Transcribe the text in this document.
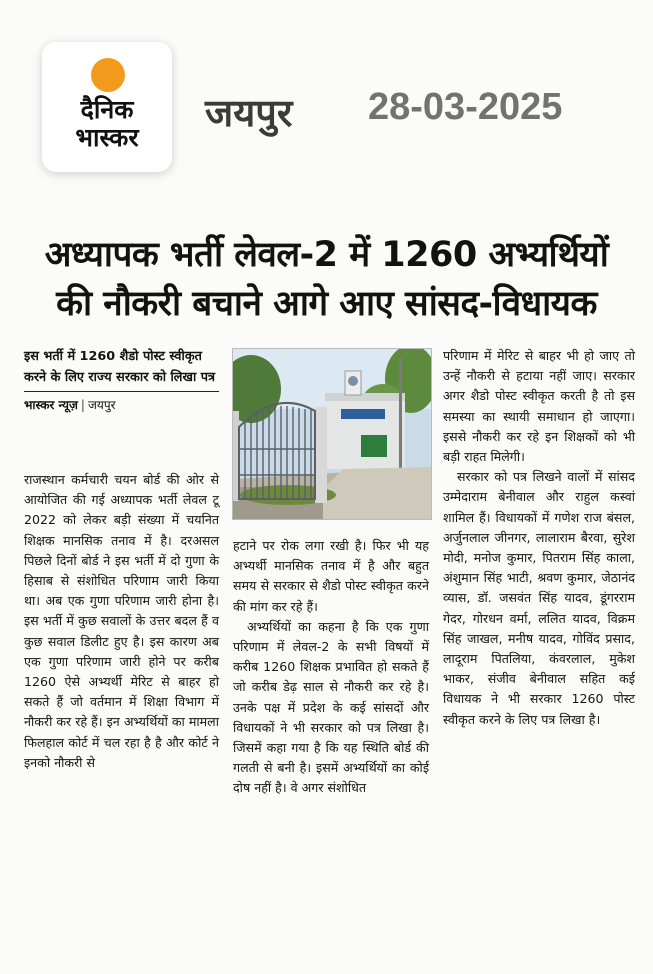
दैनिक
भास्कर
जयपुर 28-03-2025
अध्यापक भर्ती लेवल-2 में 1260 अभ्यर्थियों
की नौकरी बचाने आगे आए सांसद-विधायक
इस भर्ती में 1260 शैडो पोस्ट स्वीकृत करने के लिए राज्य सरकार को लिखा पत्र
भास्कर न्यूज़ | जयपुर

राजस्थान कर्मचारी चयन बोर्ड की ओर से आयोजित की गई अध्यापक भर्ती लेवल टू 2022 को लेकर बड़ी संख्या में चयनित शिक्षक मानसिक तनाव में है। दरअसल पिछले दिनों बोर्ड ने इस भर्ती में दो गुणा के हिसाब से संशोधित परिणाम जारी किया था। अब एक गुणा परिणाम जारी होना है। इस भर्ती में कुछ सवालों के उत्तर बदल हैं व कुछ सवाल डिलीट हुए है। इस कारण अब एक गुणा परिणाम जारी होने पर करीब 1260 ऐसे अभ्यर्थी मेरिट से बाहर हो सकते हैं जो वर्तमान में शिक्षा विभाग में नौकरी कर रहे हैं। इन अभ्यर्थियों का मामला फिलहाल कोर्ट में चल रहा है है और कोर्ट ने इनको नौकरी से

हटाने पर रोक लगा रखी है। फिर भी यह अभ्यर्थी मानसिक तनाव में है और बहुत समय से सरकार से शैडो पोस्ट स्वीकृत करने की मांग कर रहे हैं।

अभ्यर्थियों का कहना है कि एक गुणा परिणाम में लेवल-2 के सभी विषयों में करीब 1260 शिक्षक प्रभावित हो सकते हैं जो करीब डेढ़ साल से नौकरी कर रहे है। उनके पक्ष में प्रदेश के कई सांसदों और विधायकों ने भी सरकार को पत्र लिखा है। जिसमें कहा गया है कि यह स्थिति बोर्ड की गलती से बनी है। इसमें अभ्यर्थियों का कोई दोष नहीं है। वे अगर संशोधित

परिणाम में मेरिट से बाहर भी हो जाए तो उन्हें नौकरी से हटाया नहीं जाए। सरकार अगर शैडो पोस्ट स्वीकृत करती है तो इस समस्या का स्थायी समाधान हो जाएगा। इससे नौकरी कर रहे इन शिक्षकों को भी बड़ी राहत मिलेगी।

सरकार को पत्र लिखने वालों में सांसद उम्मेदाराम बेनीवाल और राहुल कस्वां शामिल हैं। विधायकों में गणेश राज बंसल, अर्जुनलाल जीनगर, लालाराम बैरवा, सुरेश मोदी, मनोज कुमार, पितराम सिंह काला, अंशुमान सिंह भाटी, श्रवण कुमार, जेठानंद व्यास, डॉ. जसवंत सिंह यादव, डूंगरराम गेदर, गोरधन वर्मा, ललित यादव, विक्रम सिंह जाखल, मनीष यादव, गोविंद प्रसाद, लादूराम पितलिया, कंवरलाल, मुकेश भाकर, संजीव बेनीवाल सहित कई विधायक ने भी सरकार 1260 पोस्ट स्वीकृत करने के लिए पत्र लिखा है।
